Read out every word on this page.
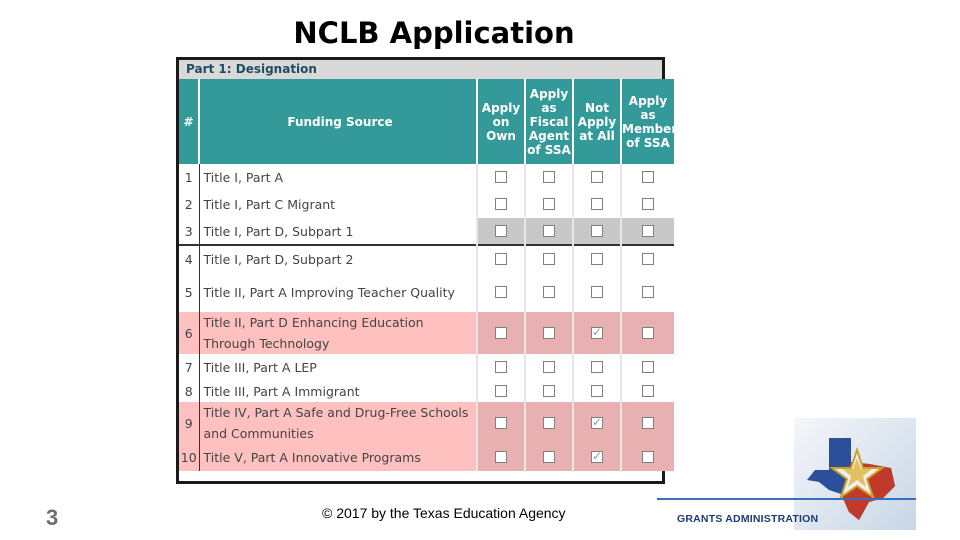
NCLB Application
Part 1: Designation
#	Funding Source	Apply on Own	Apply as Fiscal Agent of SSA	Not Apply at All	Apply as Member of SSA
1	Title I, Part A				
2	Title I, Part C Migrant				
3	Title I, Part D, Subpart 1				
4	Title I, Part D, Subpart 2				
5	Title II, Part A Improving Teacher Quality				
6	Title II, Part D Enhancing Education Through Technology			✓	
7	Title III, Part A LEP				
8	Title III, Part A Immigrant				
9	Title IV, Part A Safe and Drug-Free Schools and Communities			✓	
10	Title V, Part A Innovative Programs			✓	
3	© 2017 by the Texas Education Agency	GRANTS ADMINISTRATION
